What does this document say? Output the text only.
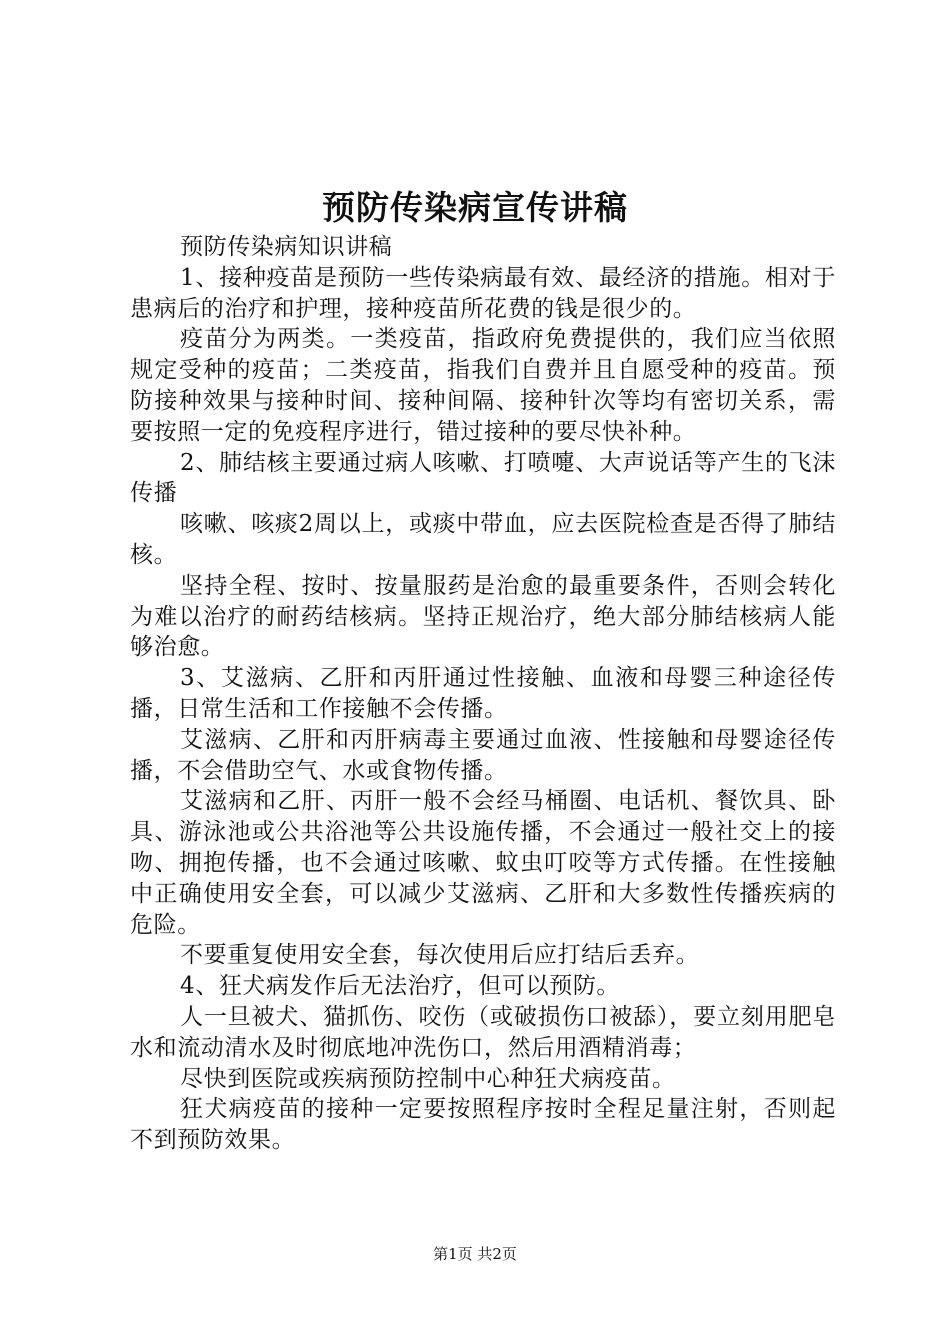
预防传染病宣传讲稿

预防传染病知识讲稿

1、接种疫苗是预防一些传染病最有效、最经济的措施。相对于患病后的治疗和护理，接种疫苗所花费的钱是很少的。

疫苗分为两类。一类疫苗，指政府免费提供的，我们应当依照规定受种的疫苗；二类疫苗，指我们自费并且自愿受种的疫苗。预防接种效果与接种时间、接种间隔、接种针次等均有密切关系，需要按照一定的免疫程序进行，错过接种的要尽快补种。

2、肺结核主要通过病人咳嗽、打喷嚏、大声说话等产生的飞沫传播

咳嗽、咳痰2周以上，或痰中带血，应去医院检查是否得了肺结核。

坚持全程、按时、按量服药是治愈的最重要条件，否则会转化为难以治疗的耐药结核病。坚持正规治疗，绝大部分肺结核病人能够治愈。

3、艾滋病、乙肝和丙肝通过性接触、血液和母婴三种途径传播，日常生活和工作接触不会传播。

艾滋病、乙肝和丙肝病毒主要通过血液、性接触和母婴途径传播，不会借助空气、水或食物传播。

艾滋病和乙肝、丙肝一般不会经马桶圈、电话机、餐饮具、卧具、游泳池或公共浴池等公共设施传播，不会通过一般社交上的接吻、拥抱传播，也不会通过咳嗽、蚊虫叮咬等方式传播。在性接触中正确使用安全套，可以减少艾滋病、乙肝和大多数性传播疾病的危险。

不要重复使用安全套，每次使用后应打结后丢弃。

4、狂犬病发作后无法治疗，但可以预防。

人一旦被犬、猫抓伤、咬伤（或破损伤口被舔），要立刻用肥皂水和流动清水及时彻底地冲洗伤口，然后用酒精消毒；

尽快到医院或疾病预防控制中心种狂犬病疫苗。

狂犬病疫苗的接种一定要按照程序按时全程足量注射，否则起不到预防效果。

第1页 共2页
